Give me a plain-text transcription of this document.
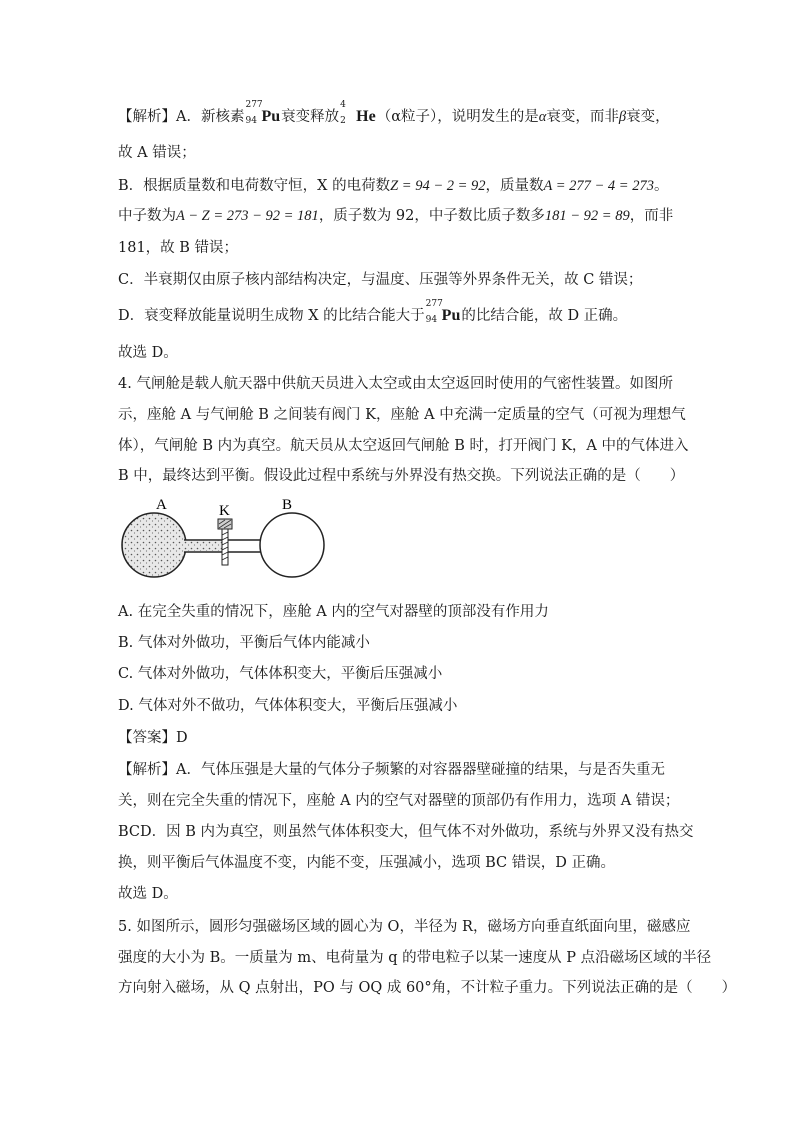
【解析】A．新核素
277
94 Pu衰变释放
4
2 He（α粒子），说明发生的是α衰变，而非β衰变，
故 A 错误；
B．根据质量数和电荷数守恒，X 的电荷数Z = 94 − 2 = 92，质量数A = 277 − 4 = 273。
中子数为A − Z = 273 − 92 = 181，质子数为 92，中子数比质子数多181 − 92 = 89，而非
181，故 B 错误；
C．半衰期仅由原子核内部结构决定，与温度、压强等外界条件无关，故 C 错误；
D．衰变释放能量说明生成物 X 的比结合能大于
277
94 Pu的比结合能，故 D 正确。
故选 D。
4. 气闸舱是载人航天器中供航天员进入太空或由太空返回时使用的气密性装置。如图所
示，座舱 A 与气闸舱 B 之间装有阀门 K，座舱 A 中充满一定质量的空气（可视为理想气
体），气闸舱 B 内为真空。航天员从太空返回气闸舱 B 时，打开阀门 K，A 中的气体进入
B 中，最终达到平衡。假设此过程中系统与外界没有热交换。下列说法正确的是（　　）
A	K	B
A. 在完全失重的情况下，座舱 A 内的空气对器壁的顶部没有作用力
B. 气体对外做功，平衡后气体内能减小
C. 气体对外做功，气体体积变大，平衡后压强减小
D. 气体对外不做功，气体体积变大，平衡后压强减小
【答案】D
【解析】A．气体压强是大量的气体分子频繁的对容器器壁碰撞的结果，与是否失重无
关，则在完全失重的情况下，座舱 A 内的空气对器壁的顶部仍有作用力，选项 A 错误；
BCD．因 B 内为真空，则虽然气体体积变大，但气体不对外做功，系统与外界又没有热交
换，则平衡后气体温度不变，内能不变，压强减小，选项 BC 错误，D 正确。
故选 D。
5. 如图所示，圆形匀强磁场区域的圆心为 O，半径为 R，磁场方向垂直纸面向里，磁感应
强度的大小为 B。一质量为 m、电荷量为 q 的带电粒子以某一速度从 P 点沿磁场区域的半径
方向射入磁场，从 Q 点射出，PO 与 OQ 成 60°角，不计粒子重力。下列说法正确的是（　　）
